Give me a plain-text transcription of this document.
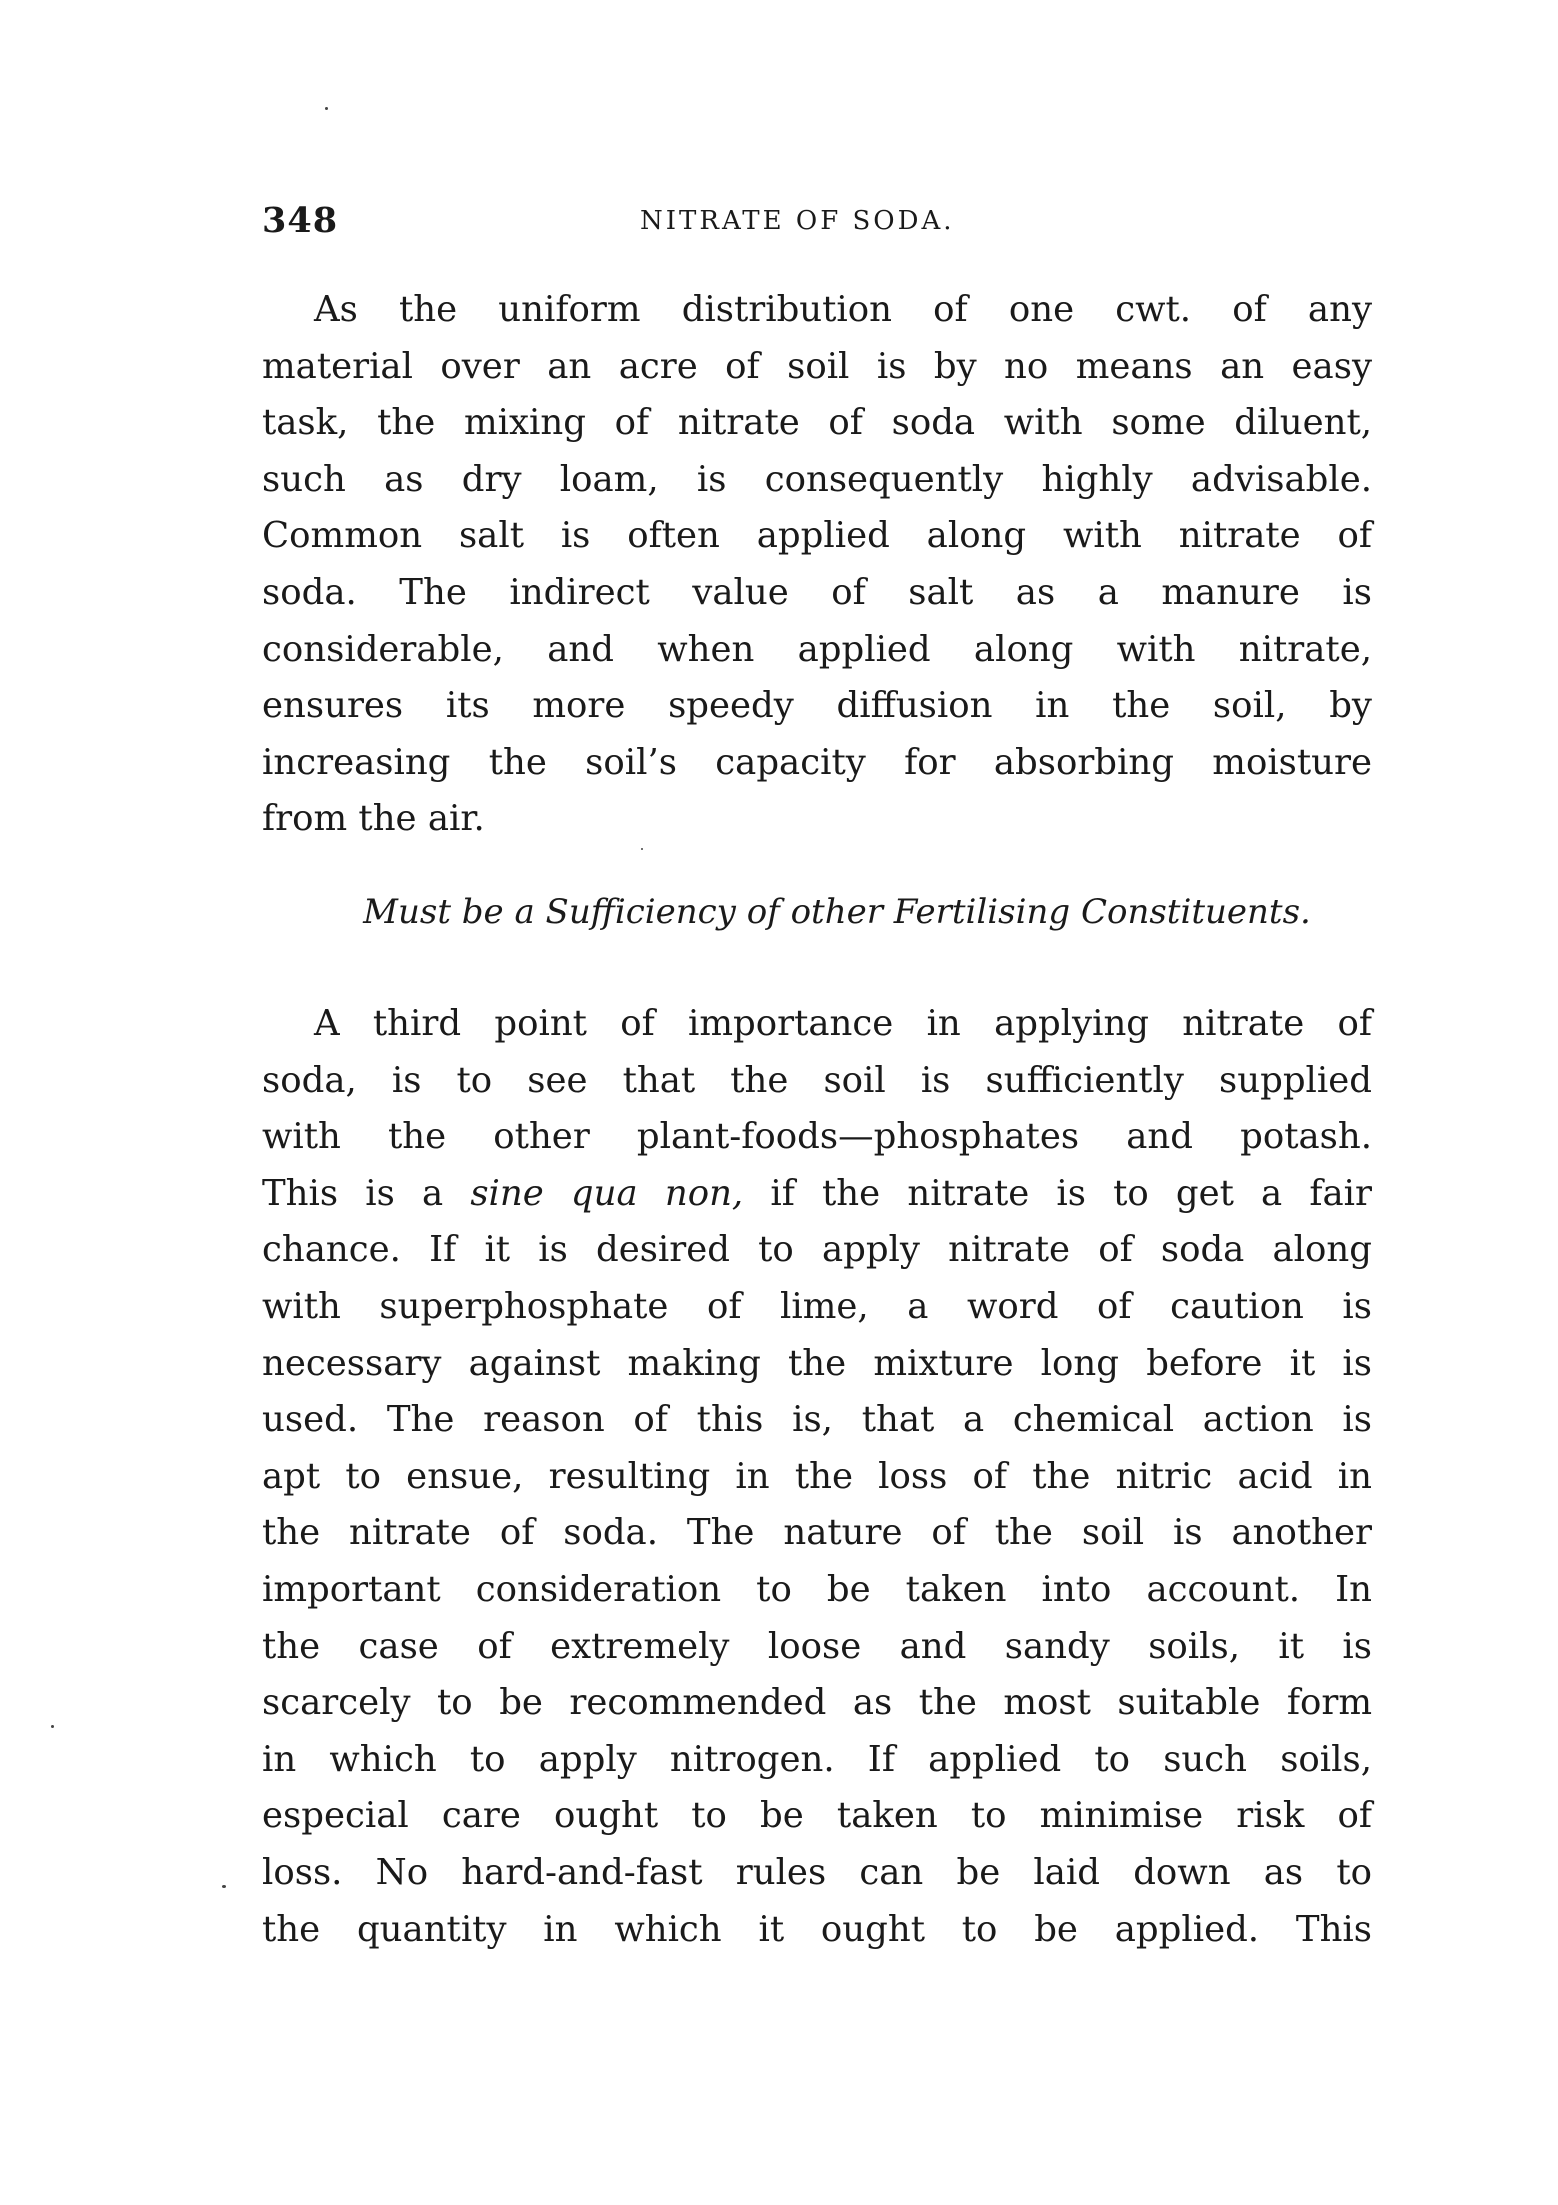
348	NITRATE OF SODA.
As the uniform distribution of one cwt. of any
material over an acre of soil is by no means an easy
task, the mixing of nitrate of soda with some diluent,
such as dry loam, is consequently highly advisable.
Common salt is often applied along with nitrate of
soda. The indirect value of salt as a manure is
considerable, and when applied along with nitrate,
ensures its more speedy diffusion in the soil, by
increasing the soil’s capacity for absorbing moisture
from the air.
Must be a Sufficiency of other Fertilising Constituents.
A third point of importance in applying nitrate of
soda, is to see that the soil is sufficiently supplied
with the other plant-foods—phosphates and potash.
This is a sine qua non, if the nitrate is to get a fair
chance. If it is desired to apply nitrate of soda along
with superphosphate of lime, a word of caution is
necessary against making the mixture long before it is
used. The reason of this is, that a chemical action is
apt to ensue, resulting in the loss of the nitric acid in
the nitrate of soda. The nature of the soil is another
important consideration to be taken into account. In
the case of extremely loose and sandy soils, it is
scarcely to be recommended as the most suitable form
in which to apply nitrogen. If applied to such soils,
especial care ought to be taken to minimise risk of
loss. No hard-and-fast rules can be laid down as to
the quantity in which it ought to be applied. This
